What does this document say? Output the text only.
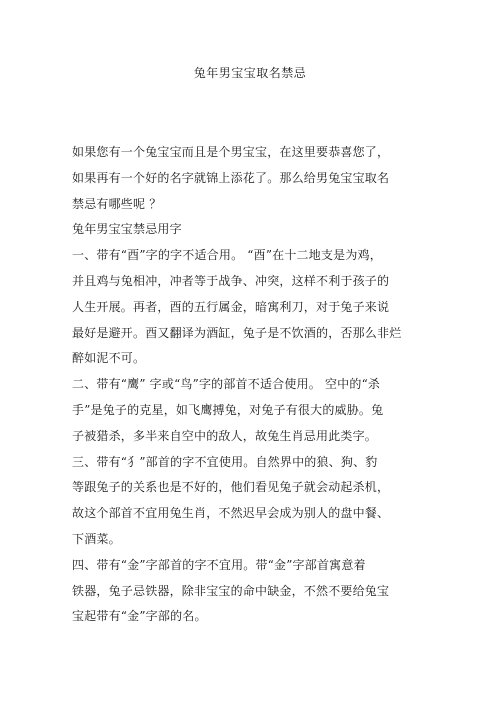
兔年男宝宝取名禁忌
如果您有一个兔宝宝而且是个男宝宝，在这里要恭喜您了，
如果再有一个好的名字就锦上添花了。那么给男兔宝宝取名
禁忌有哪些呢 ？
兔年男宝宝禁忌用字
一、带有“酉”字的字不适合用。 “酉”在十二地支是为鸡，
并且鸡与兔相冲，冲者等于战争、冲突，这样不利于孩子的
人生开展。再者，酉的五行属金，暗寓利刀，对于兔子来说
最好是避开。酉又翻译为酒缸，兔子是不饮酒的，否那么非烂
醉如泥不可。
二、带有“鹰” 字或“鸟”字的部首不适合使用。 空中的“杀
手”是兔子的克星，如飞鹰搏兔，对兔子有很大的威胁。兔
子被猎杀，多半来自空中的敌人，故兔生肖忌用此类字。
三、带有“犭”部首的字不宜使用。自然界中的狼、狗、豹
等跟兔子的关系也是不好的，他们看见兔子就会动起杀机，
故这个部首不宜用兔生肖，不然迟早会成为别人的盘中餐、
下酒菜。
四、带有“金”字部首的字不宜用。带“金”字部首寓意着
铁器，兔子忌铁器，除非宝宝的命中缺金，不然不要给兔宝
宝起带有“金”字部的名。
